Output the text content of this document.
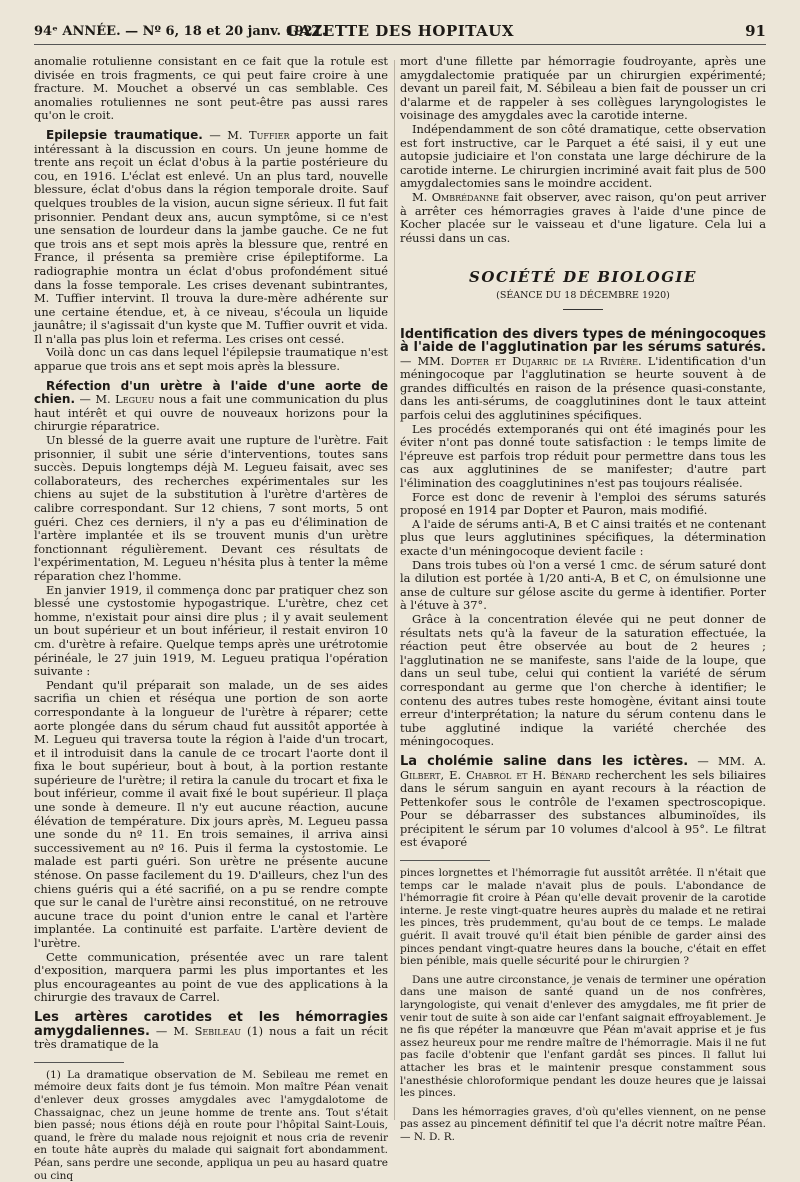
94ᵉ ANNÉE. — Nº 6, 18 et 20 janv. 1921.
GAZETTE DES HOPITAUX	91

anomalie rotulienne consistant en ce fait que la rotule est divisée en trois fragments, ce qui peut faire croire à une fracture. M. Mouchet a observé un cas semblable. Ces anomalies rotuliennes ne sont peut-être pas aussi rares qu'on le croit.

Epilepsie traumatique. — M. Tuffier apporte un fait intéressant à la discussion en cours. Un jeune homme de trente ans reçoit un éclat d'obus à la partie postérieure du cou, en 1916. L'éclat est enlevé. Un an plus tard, nouvelle blessure, éclat d'obus dans la région temporale droite. Sauf quelques troubles de la vision, aucun signe sérieux. Il fut fait prisonnier. Pendant deux ans, aucun symptôme, si ce n'est une sensation de lourdeur dans la jambe gauche. Ce ne fut que trois ans et sept mois après la blessure que, rentré en France, il présenta sa première crise épileptiforme. La radiographie montra un éclat d'obus profondément situé dans la fosse temporale. Les crises devenant subintrantes, M. Tuffier intervint. Il trouva la dure-mère adhérente sur une certaine étendue, et, à ce niveau, s'écoula un liquide jaunâtre; il s'agissait d'un kyste que M. Tuffier ouvrit et vida. Il n'alla pas plus loin et referma. Les crises ont cessé.

Voilà donc un cas dans lequel l'épilepsie traumatique n'est apparue que trois ans et sept mois après la blessure.

Réfection d'un urètre à l'aide d'une aorte de chien. — M. Legueu nous a fait une communication du plus haut intérêt et qui ouvre de nouveaux horizons pour la chirurgie réparatrice.

Un blessé de la guerre avait une rupture de l'urètre. Fait prisonnier, il subit une série d'interventions, toutes sans succès. Depuis longtemps déjà M. Legueu faisait, avec ses collaborateurs, des recherches expérimentales sur les chiens au sujet de la substitution à l'urètre d'artères de calibre correspondant. Sur 12 chiens, 7 sont morts, 5 ont guéri. Chez ces derniers, il n'y a pas eu d'élimination de l'artère implantée et ils se trouvent munis d'un urètre fonctionnant régulièrement. Devant ces résultats de l'expérimentation, M. Legueu n'hésita plus à tenter la même réparation chez l'homme.

En janvier 1919, il commença donc par pratiquer chez son blessé une cystostomie hypogastrique. L'urètre, chez cet homme, n'existait pour ainsi dire plus ; il y avait seulement un bout supérieur et un bout inférieur, il restait environ 10 cm. d'urètre à refaire. Quelque temps après une urétrotomie périnéale, le 27 juin 1919, M. Legueu pratiqua l'opération suivante :

Pendant qu'il préparait son malade, un de ses aides sacrifia un chien et réséqua une portion de son aorte correspondante à la longueur de l'urètre à réparer; cette aorte plongée dans du sérum chaud fut aussitôt apportée à M. Legueu qui traversa toute la région à l'aide d'un trocart, et il introduisit dans la canule de ce trocart l'aorte dont il fixa le bout supérieur, bout à bout, à la portion restante supérieure de l'urètre; il retira la canule du trocart et fixa le bout inférieur, comme il avait fixé le bout supérieur. Il plaça une sonde à demeure. Il n'y eut aucune réaction, aucune élévation de température. Dix jours après, M. Legueu passa une sonde du nº 11. En trois semaines, il arriva ainsi successivement au nº 16. Puis il ferma la cystostomie. Le malade est parti guéri. Son urètre ne présente aucune sténose. On passe facilement du 19. D'ailleurs, chez l'un des chiens guéris qui a été sacrifié, on a pu se rendre compte que sur le canal de l'urètre ainsi reconstitué, on ne retrouve aucune trace du point d'union entre le canal et l'artère implantée. La continuité est parfaite. L'artère devient de l'urètre.

Cette communication, présentée avec un rare talent d'exposition, marquera parmi les plus importantes et les plus encourageantes au point de vue des applications à la chirurgie des travaux de Carrel.

Les artères carotides et les hémorragies amygdaliennes. — M. Sebileau (1) nous a fait un récit très dramatique de la

(1) La dramatique observation de M. Sebileau me remet en mémoire deux faits dont je fus témoin. Mon maître Péan venait d'enlever deux grosses amygdales avec l'amygdalotome de Chassaignac, chez un jeune homme de trente ans. Tout s'était bien passé; nous étions déjà en route pour l'hôpital Saint-Louis, quand, le frère du malade nous rejoignit et nous cria de revenir en toute hâte auprès du malade qui saignait fort abondamment. Péan, sans perdre une seconde, appliqua un peu au hasard quatre ou cinq

mort d'une fillette par hémorragie foudroyante, après une amygdalectomie pratiquée par un chirurgien expérimenté; devant un pareil fait, M. Sébileau a bien fait de pousser un cri d'alarme et de rappeler à ses collègues laryngologistes le voisinage des amygdales avec la carotide interne.

Indépendamment de son côté dramatique, cette observation est fort instructive, car le Parquet a été saisi, il y eut une autopsie judiciaire et l'on constata une large déchirure de la carotide interne. Le chirurgien incriminé avait fait plus de 500 amygdalectomies sans le moindre accident.

M. Ombrédanne fait observer, avec raison, qu'on peut arriver à arrêter ces hémorragies graves à l'aide d'une pince de Kocher placée sur le vaisseau et d'une ligature. Cela lui a réussi dans un cas.

SOCIÉTÉ DE BIOLOGIE
(SÉANCE DU 18 DÉCEMBRE 1920)

Identification des divers types de méningocoques à l'aide de l'agglutination par les sérums saturés. — MM. Dopter et Dujarric de la Rivière. L'identification d'un méningocoque par l'agglutination se heurte souvent à de grandes difficultés en raison de la présence quasi-constante, dans les anti-sérums, de coagglutinines dont le taux atteint parfois celui des agglutinines spécifiques.

Les procédés extemporanés qui ont été imaginés pour les éviter n'ont pas donné toute satisfaction : le temps limite de l'épreuve est parfois trop réduit pour permettre dans tous les cas aux agglutinines de se manifester; d'autre part l'élimination des coagglutinines n'est pas toujours réalisée.

Force est donc de revenir à l'emploi des sérums saturés proposé en 1914 par Dopter et Pauron, mais modifié.

A l'aide de sérums anti-A, B et C ainsi traités et ne contenant plus que leurs agglutinines spécifiques, la détermination exacte d'un méningocoque devient facile :

Dans trois tubes où l'on a versé 1 cmc. de sérum saturé dont la dilution est portée à 1/20 anti-A, B et C, on émulsionne une anse de culture sur gélose ascite du germe à identifier. Porter à l'étuve à 37°.

Grâce à la concentration élevée qui ne peut donner de résultats nets qu'à la faveur de la saturation effectuée, la réaction peut être observée au bout de 2 heures ; l'agglutination ne se manifeste, sans l'aide de la loupe, que dans un seul tube, celui qui contient la variété de sérum correspondant au germe que l'on cherche à identifier; le contenu des autres tubes reste homogène, évitant ainsi toute erreur d'interprétation; la nature du sérum contenu dans le tube agglutiné indique la variété cherchée des méningocoques.

La cholémie saline dans les ictères. — MM. A. Gilbert, E. Chabrol et H. Bénard recherchent les sels biliaires dans le sérum sanguin en ayant recours à la réaction de Pettenkofer sous le contrôle de l'examen spectroscopique. Pour se débarrasser des substances albuminoïdes, ils précipitent le sérum par 10 volumes d'alcool à 95°. Le filtrat est évaporé

pinces lorgnettes et l'hémorragie fut aussitôt arrêtée. Il n'était que temps car le malade n'avait plus de pouls. L'abondance de l'hémorragie fit croire à Péan qu'elle devait provenir de la carotide interne. Je reste vingt-quatre heures auprès du malade et ne retirai les pinces, très prudemment, qu'au bout de ce temps. Le malade guérit. Il avait trouvé qu'il était bien pénible de garder ainsi des pinces pendant vingt-quatre heures dans la bouche, c'était en effet bien pénible, mais quelle sécurité pour le chirurgien ?

Dans une autre circonstance, je venais de terminer une opération dans une maison de santé quand un de nos confrères, laryngologiste, qui venait d'enlever des amygdales, me fit prier de venir tout de suite à son aide car l'enfant saignait effroyablement. Je ne fis que répéter la manœuvre que Péan m'avait apprise et je fus assez heureux pour me rendre maître de l'hémorragie. Mais il ne fut pas facile d'obtenir que l'enfant gardât ses pinces. Il fallut lui attacher les bras et le maintenir presque constamment sous l'anesthésie chloroformique pendant les douze heures que je laissai les pinces.

Dans les hémorragies graves, d'où qu'elles viennent, on ne pense pas assez au pincement définitif tel que l'a décrit notre maître Péan. — N. D. R.
